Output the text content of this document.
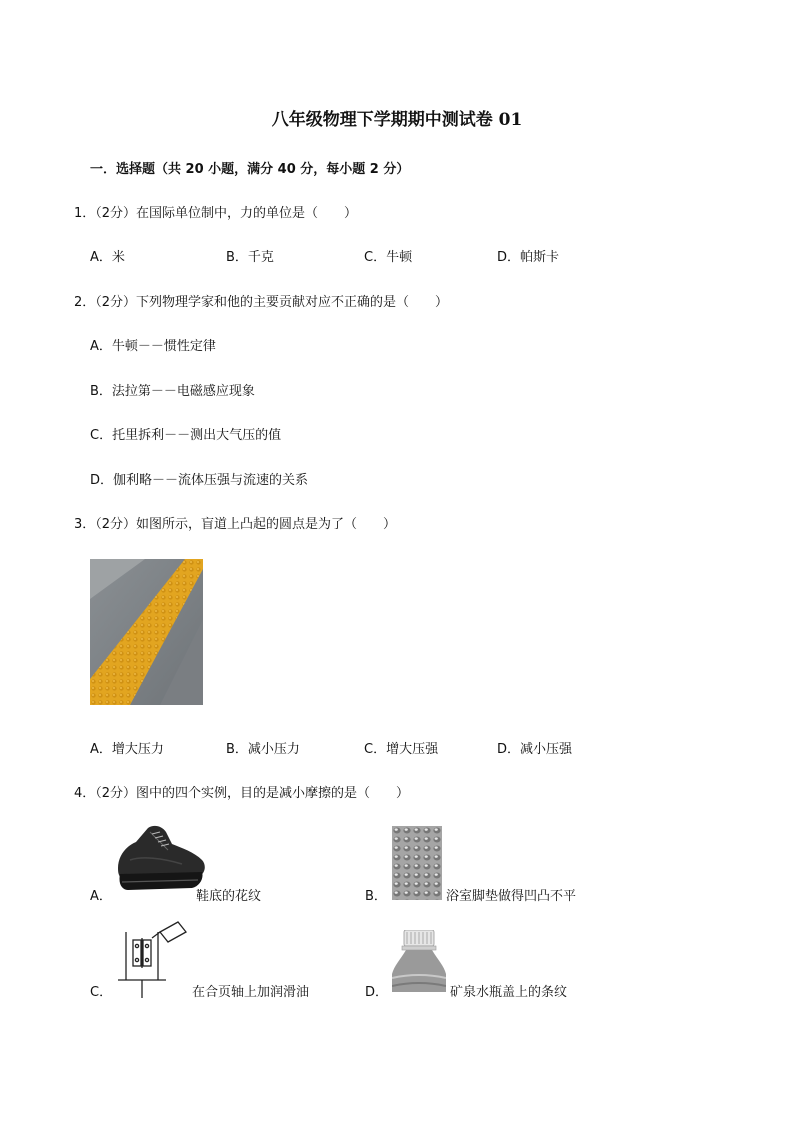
八年级物理下学期期中测试卷 01
一．选择题（共 20 小题，满分 40 分，每小题 2 分）
1．（2分）在国际单位制中，力的单位是（　　）
A．米	B．千克	C．牛顿	D．帕斯卡
2．（2分）下列物理学家和他的主要贡献对应不正确的是（　　）
A．牛顿－－惯性定律
B．法拉第－－电磁感应现象
C．托里拆利－－测出大气压的值
D．伽利略－－流体压强与流速的关系
3．（2分）如图所示，盲道上凸起的圆点是为了（　　）
A．增大压力	B．减小压力	C．增大压强	D．减小压强
4．（2分）图中的四个实例，目的是减小摩擦的是（　　）
A．	鞋底的花纹	B．	浴室脚垫做得凹凸不平
C．	在合页轴上加润滑油	D．	矿泉水瓶盖上的条纹
